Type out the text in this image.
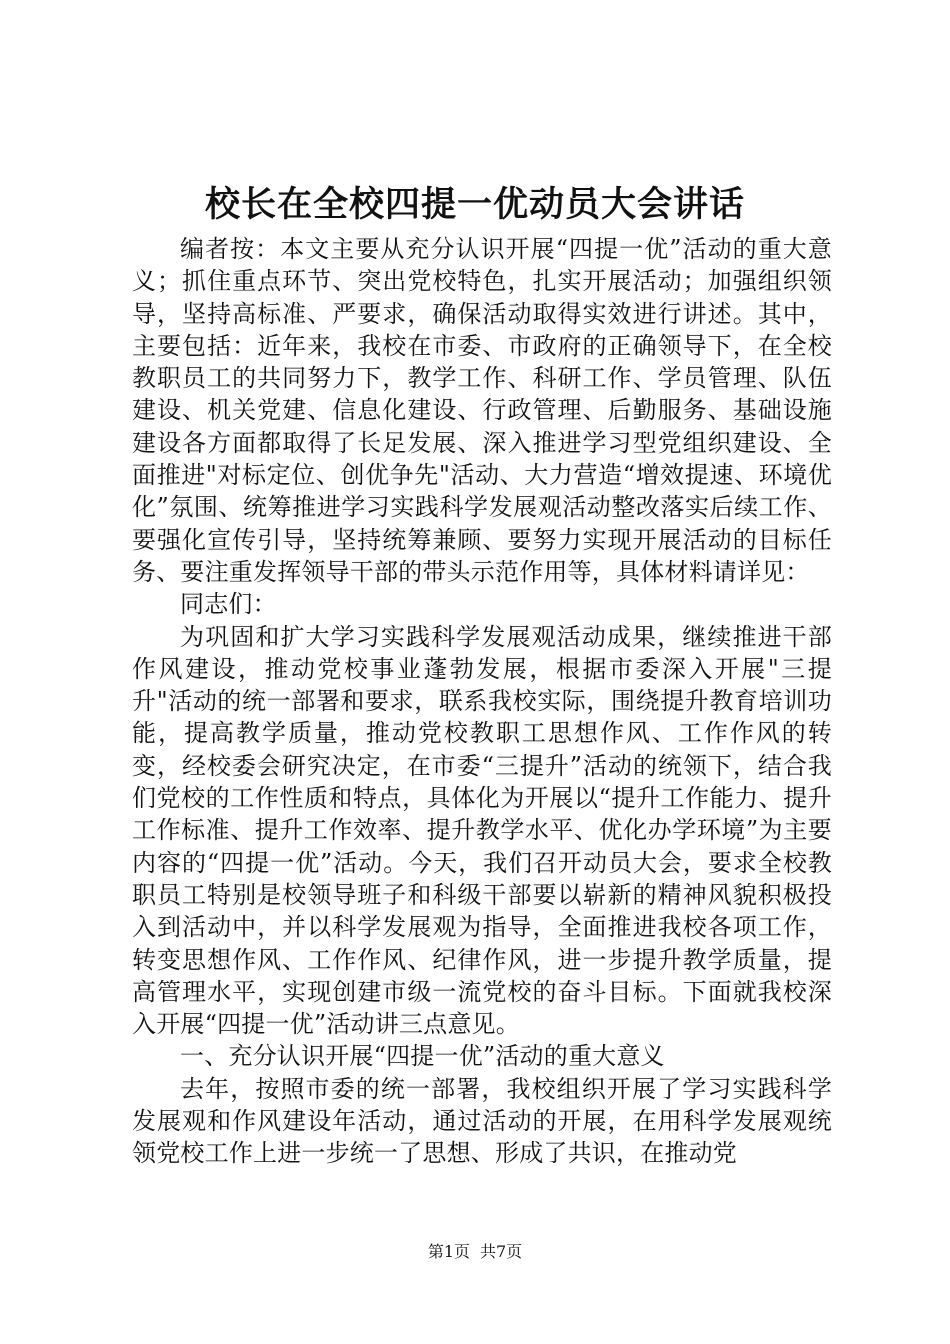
校长在全校四提一优动员大会讲话

编者按：本文主要从充分认识开展“四提一优”活动的重大意义；抓住重点环节、突出党校特色，扎实开展活动；加强组织领导，坚持高标准、严要求，确保活动取得实效进行讲述。其中，主要包括：近年来，我校在市委、市政府的正确领导下，在全校教职员工的共同努力下，教学工作、科研工作、学员管理、队伍建设、机关党建、信息化建设、行政管理、后勤服务、基础设施建设各方面都取得了长足发展、深入推进学习型党组织建设、全面推进"对标定位、创优争先"活动、大力营造“增效提速、环境优化”氛围、统筹推进学习实践科学发展观活动整改落实后续工作、要强化宣传引导，坚持统筹兼顾、要努力实现开展活动的目标任务、要注重发挥领导干部的带头示范作用等，具体材料请详见：

同志们：

为巩固和扩大学习实践科学发展观活动成果，继续推进干部作风建设，推动党校事业蓬勃发展，根据市委深入开展"三提升"活动的统一部署和要求，联系我校实际，围绕提升教育培训功能，提高教学质量，推动党校教职工思想作风、工作作风的转变，经校委会研究决定，在市委“三提升”活动的统领下，结合我们党校的工作性质和特点，具体化为开展以“提升工作能力、提升工作标准、提升工作效率、提升教学水平、优化办学环境”为主要内容的“四提一优”活动。今天，我们召开动员大会，要求全校教职员工特别是校领导班子和科级干部要以崭新的精神风貌积极投入到活动中，并以科学发展观为指导，全面推进我校各项工作，转变思想作风、工作作风、纪律作风，进一步提升教学质量，提高管理水平，实现创建市级一流党校的奋斗目标。下面就我校深入开展“四提一优”活动讲三点意见。

一、充分认识开展“四提一优”活动的重大意义

去年，按照市委的统一部署，我校组织开展了学习实践科学发展观和作风建设年活动，通过活动的开展，在用科学发展观统领党校工作上进一步统一了思想、形成了共识，在推动党

第1页 共7页
